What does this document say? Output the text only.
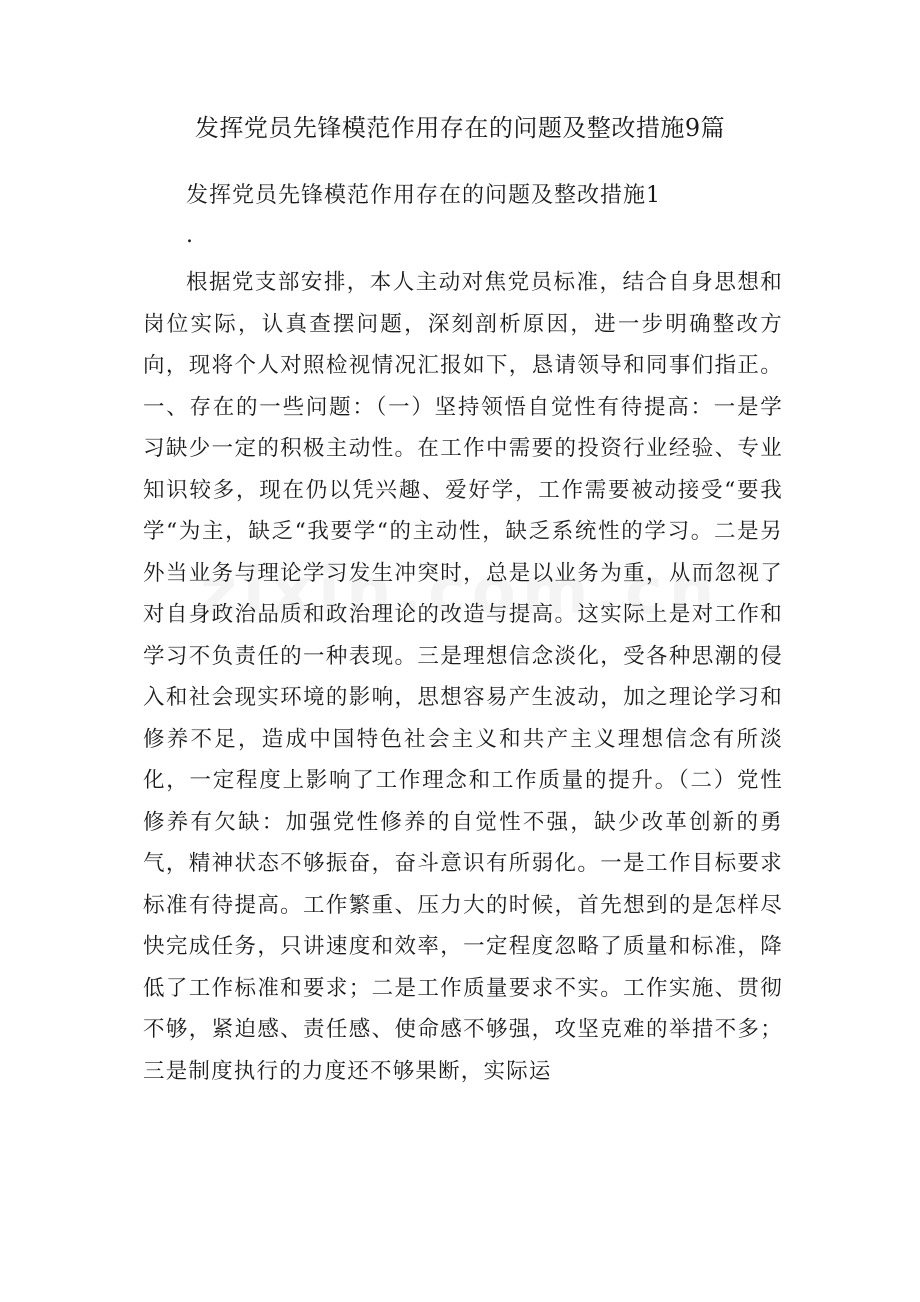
发挥党员先锋模范作用存在的问题及整改措施9篇
发挥党员先锋模范作用存在的问题及整改措施1
.

根据党支部安排，本人主动对焦党员标准，结合自身思想和岗位实际，认真查摆问题，深刻剖析原因，进一步明确整改方向，现将个人对照检视情况汇报如下，恳请领导和同事们指正。一、存在的一些问题：（一）坚持领悟自觉性有待提高：一是学习缺少一定的积极主动性。在工作中需要的投资行业经验、专业知识较多，现在仍以凭兴趣、爱好学，工作需要被动接受“要我学“为主，缺乏“我要学“的主动性，缺乏系统性的学习。二是另外当业务与理论学习发生冲突时，总是以业务为重，从而忽视了对自身政治品质和政治理论的改造与提高。这实际上是对工作和学习不负责任的一种表现。三是理想信念淡化，受各种思潮的侵入和社会现实环境的影响，思想容易产生波动，加之理论学习和修养不足，造成中国特色社会主义和共产主义理想信念有所淡化，一定程度上影响了工作理念和工作质量的提升。（二）党性修养有欠缺：加强党性修养的自觉性不强，缺少改革创新的勇气，精神状态不够振奋，奋斗意识有所弱化。一是工作目标要求标准有待提高。工作繁重、压力大的时候，首先想到的是怎样尽快完成任务，只讲速度和效率，一定程度忽略了质量和标准，降低了工作标准和要求；二是工作质量要求不实。工作实施、贯彻不够，紧迫感、责任感、使命感不够强，攻坚克难的举措不多；三是制度执行的力度还不够果断，实际运
